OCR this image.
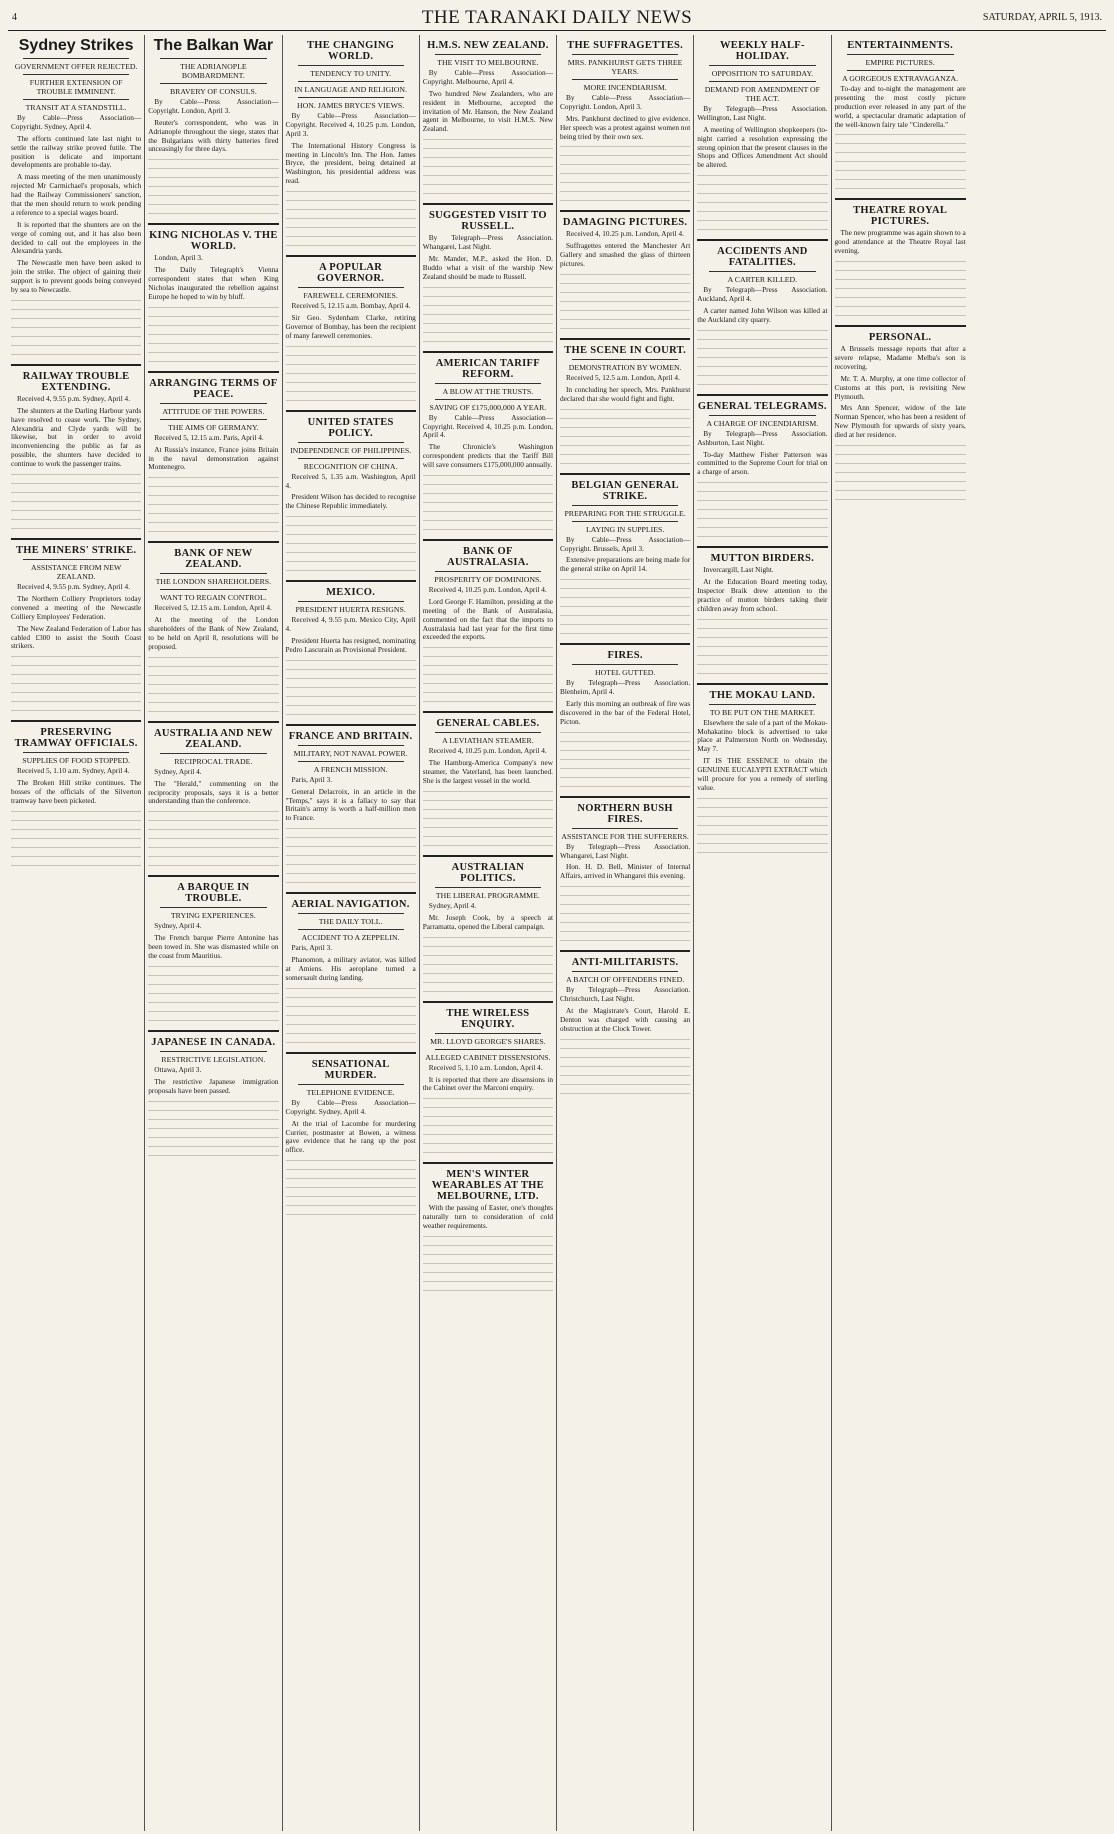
4	THE TARANAKI DAILY NEWS	SATURDAY, APRIL 5, 1913.
Sydney Strikes
GOVERNMENT OFFER REJECTED.
FURTHER EXTENSION OF TROUBLE IMMINENT.
TRANSIT AT A STANDSTILL.

By Cable—Press Association—Copyright. Sydney, April 4.

The efforts continued late last night to settle the railway strike proved futile. The position is delicate and important developments are probable to-day.

A mass meeting of the men unanimously rejected Mr Carmichael's proposals, which had the Railway Commissioners' sanction, that the men should return to work pending a reference to a special wages board.

It is reported that the shunters are on the verge of coming out, and it has also been decided to call out the employees in the Alexandria yards.

The Newcastle men have been asked to join the strike. The object of gaining their support is to prevent goods being conveyed by sea to Newcastle.

RAILWAY TROUBLE EXTENDING.

Received 4, 9.55 p.m. Sydney, April 4.

The shunters at the Darling Harbour yards have resolved to cease work. The Sydney, Alexandria and Clyde yards will be likewise, but in order to avoid inconveniencing the public as far as possible, the shunters have decided to continue to work the passenger trains.

THE MINERS' STRIKE.
ASSISTANCE FROM NEW ZEALAND.

Received 4, 9.55 p.m. Sydney, April 4.

The Northern Colliery Proprietors today convened a meeting of the Newcastle Colliery Employees' Federation.

The New Zealand Federation of Labor has cabled £300 to assist the South Coast strikers.

PRESERVING TRAMWAY OFFICIALS.
SUPPLIES OF FOOD STOPPED.

Received 5, 1.10 a.m. Sydney, April 4.

The Broken Hill strike continues. The bosses of the officials of the Silverton tramway have been picketed.

The Balkan War
THE ADRIANOPLE BOMBARDMENT.
BRAVERY OF CONSULS.

By Cable—Press Association—Copyright. London, April 3.

Reuter's correspondent, who was in Adrianople throughout the siege, states that the Bulgarians with thirty batteries fired unceasingly for three days.

KING NICHOLAS V. THE WORLD.

London, April 3.

The Daily Telegraph's Vienna correspondent states that when King Nicholas inaugurated the rebellion against Europe he hoped to win by bluff.

ARRANGING TERMS OF PEACE.
ATTITUDE OF THE POWERS.
THE AIMS OF GERMANY.

Received 5, 12.15 a.m. Paris, April 4.

At Russia's instance, France joins Britain in the naval demonstration against Montenegro.

BANK OF NEW ZEALAND.
THE LONDON SHAREHOLDERS.
WANT TO REGAIN CONTROL.

Received 5, 12.15 a.m. London, April 4.

At the meeting of the London shareholders of the Bank of New Zealand, to be held on April 8, resolutions will be proposed.

AUSTRALIA AND NEW ZEALAND.
RECIPROCAL TRADE.

Sydney, April 4.

The "Herald," commenting on the reciprocity proposals, says it is a better understanding than the conference.

A BARQUE IN TROUBLE.
TRYING EXPERIENCES.

Sydney, April 4.

The French barque Pierre Antonine has been towed in. She was dismasted while on the coast from Mauritius.

JAPANESE IN CANADA.
RESTRICTIVE LEGISLATION.

Ottawa, April 3.

The restrictive Japanese immigration proposals have been passed.

THE CHANGING WORLD.
TENDENCY TO UNITY.
IN LANGUAGE AND RELIGION.
HON. JAMES BRYCE'S VIEWS.

By Cable—Press Association—Copyright. Received 4, 10.25 p.m. London, April 3.

The International History Congress is meeting in Lincoln's Inn. The Hon. James Bryce, the president, being detained at Washington, his presidential address was read.

A POPULAR GOVERNOR.
FAREWELL CEREMONIES.

Received 5, 12.15 a.m. Bombay, April 4.

Sir Geo. Sydenham Clarke, retiring Governor of Bombay, has been the recipient of many farewell ceremonies.

UNITED STATES POLICY.
INDEPENDENCE OF PHILIPPINES.
RECOGNITION OF CHINA.

Received 5, 1.35 a.m. Washington, April 4.

President Wilson has decided to recognise the Chinese Republic immediately.

MEXICO.
PRESIDENT HUERTA RESIGNS.

Received 4, 9.55 p.m. Mexico City, April 4.

President Huerta has resigned, nominating Pedro Lascurain as Provisional President.

FRANCE AND BRITAIN.
MILITARY, NOT NAVAL POWER.
A FRENCH MISSION.

Paris, April 3.

General Delacroix, in an article in the "Temps," says it is a fallacy to say that Britain's army is worth a half-million men to France.

AERIAL NAVIGATION.
THE DAILY TOLL.
ACCIDENT TO A ZEPPELIN.

Paris, April 3.

Phanomon, a military aviator, was killed at Amiens. His aeroplane turned a somersault during landing.

SENSATIONAL MURDER.
TELEPHONE EVIDENCE.

By Cable—Press Association—Copyright. Sydney, April 4.

At the trial of Lacombe for murdering Currier, postmaster at Bowen, a witness gave evidence that he rang up the post office.

H.M.S. NEW ZEALAND.
THE VISIT TO MELBOURNE.

By Cable—Press Association—Copyright. Melbourne, April 4.

Two hundred New Zealanders, who are resident in Melbourne, accepted the invitation of Mr. Hanson, the New Zealand agent in Melbourne, to visit H.M.S. New Zealand.

SUGGESTED VISIT TO RUSSELL.

By Telegraph—Press Association. Whangarei, Last Night.

Mr. Mander, M.P., asked the Hon. D. Buddo what a visit of the warship New Zealand should be made to Russell.

AMERICAN TARIFF REFORM.
A BLOW AT THE TRUSTS.
SAVING OF £175,000,000 A YEAR.

By Cable—Press Association—Copyright. Received 4, 10.25 p.m. London, April 4.

The Chronicle's Washington correspondent predicts that the Tariff Bill will save consumers £175,000,000 annually.

BANK OF AUSTRALASIA.
PROSPERITY OF DOMINIONS.

Received 4, 10.25 p.m. London, April 4.

Lord George F. Hamilton, presiding at the meeting of the Bank of Australasia, commented on the fact that the imports to Australasia had last year for the first time exceeded the exports.

GENERAL CABLES.
A LEVIATHAN STEAMER.

Received 4, 10.25 p.m. London, April 4.

The Hamburg-America Company's new steamer, the Vaterland, has been launched. She is the largest vessel in the world.

AUSTRALIAN POLITICS.
THE LIBERAL PROGRAMME.

Sydney, April 4.

Mr. Joseph Cook, by a speech at Parramatta, opened the Liberal campaign.

THE WIRELESS ENQUIRY.
MR. LLOYD GEORGE'S SHARES.
ALLEGED CABINET DISSENSIONS.

Received 5, 1.10 a.m. London, April 4.

It is reported that there are dissensions in the Cabinet over the Marconi enquiry.

MEN'S WINTER WEARABLES AT THE MELBOURNE, LTD.

With the passing of Easter, one's thoughts naturally turn to consideration of cold weather requirements.

THE SUFFRAGETTES.
MRS. PANKHURST GETS THREE YEARS.
MORE INCENDIARISM.

By Cable—Press Association—Copyright. London, April 3.

Mrs. Pankhurst declined to give evidence. Her speech was a protest against women not being tried by their own sex.

DAMAGING PICTURES.

Received 4, 10.25 p.m. London, April 4.

Suffragettes entered the Manchester Art Gallery and smashed the glass of thirteen pictures.

THE SCENE IN COURT.
DEMONSTRATION BY WOMEN.

Received 5, 12.5 a.m. London, April 4.

In concluding her speech, Mrs. Pankhurst declared that she would fight and fight.

BELGIAN GENERAL STRIKE.
PREPARING FOR THE STRUGGLE.
LAYING IN SUPPLIES.

By Cable—Press Association—Copyright. Brussels, April 3.

Extensive preparations are being made for the general strike on April 14.

FIRES.
HOTEL GUTTED.

By Telegraph—Press Association. Blenheim, April 4.

Early this morning an outbreak of fire was discovered in the bar of the Federal Hotel, Picton.

NORTHERN BUSH FIRES.
ASSISTANCE FOR THE SUFFERERS.

By Telegraph—Press Association. Whangarei, Last Night.

Hon. H. D. Bell, Minister of Internal Affairs, arrived in Whangarei this evening.

ANTI-MILITARISTS.
A BATCH OF OFFENDERS FINED.

By Telegraph—Press Association. Christchurch, Last Night.

At the Magistrate's Court, Harold E. Denton was charged with causing an obstruction at the Clock Tower.

WEEKLY HALF-HOLIDAY.
OPPOSITION TO SATURDAY.
DEMAND FOR AMENDMENT OF THE ACT.

By Telegraph—Press Association. Wellington, Last Night.

A meeting of Wellington shopkeepers (to-night carried a resolution expressing the strong opinion that the present clauses in the Shops and Offices Amendment Act should be altered.

ACCIDENTS AND FATALITIES.
A CARTER KILLED.

By Telegraph—Press Association. Auckland, April 4.

A carter named John Wilson was killed at the Auckland city quarry.

GENERAL TELEGRAMS.
A CHARGE OF INCENDIARISM.

By Telegraph—Press Association. Ashburton, Last Night.

To-day Matthew Fisher Patterson was committed to the Supreme Court for trial on a charge of arson.

MUTTON BIRDERS.

Invercargill, Last Night.

At the Education Board meeting today, Inspector Braik drew attention to the practice of mutton birders taking their children away from school.

THE MOKAU LAND.
TO BE PUT ON THE MARKET.

Elsewhere the sale of a part of the Mokau-Mohakatino block is advertised to take place at Palmerston North on Wednesday, May 7.

IT IS THE ESSENCE to obtain the GENUINE EUCALYPTI EXTRACT which will procure for you a remedy of sterling value.

ENTERTAINMENTS.
EMPIRE PICTURES.
A GORGEOUS EXTRAVAGANZA.

To-day and to-night the management are presenting the most costly picture production ever released in any part of the world, a spectacular dramatic adaptation of the well-known fairy tale "Cinderella."

THEATRE ROYAL PICTURES.

The new programme was again shown to a good attendance at the Theatre Royal last evening.

PERSONAL.

A Brussels message reports that after a severe relapse, Madame Melba's son is recovering.

Mr. T. A. Murphy, at one time collector of Customs at this port, is revisiting New Plymouth.

Mrs Ann Spencer, widow of the late Norman Spencer, who has been a resident of New Plymouth for upwards of sixty years, died at her residence.
